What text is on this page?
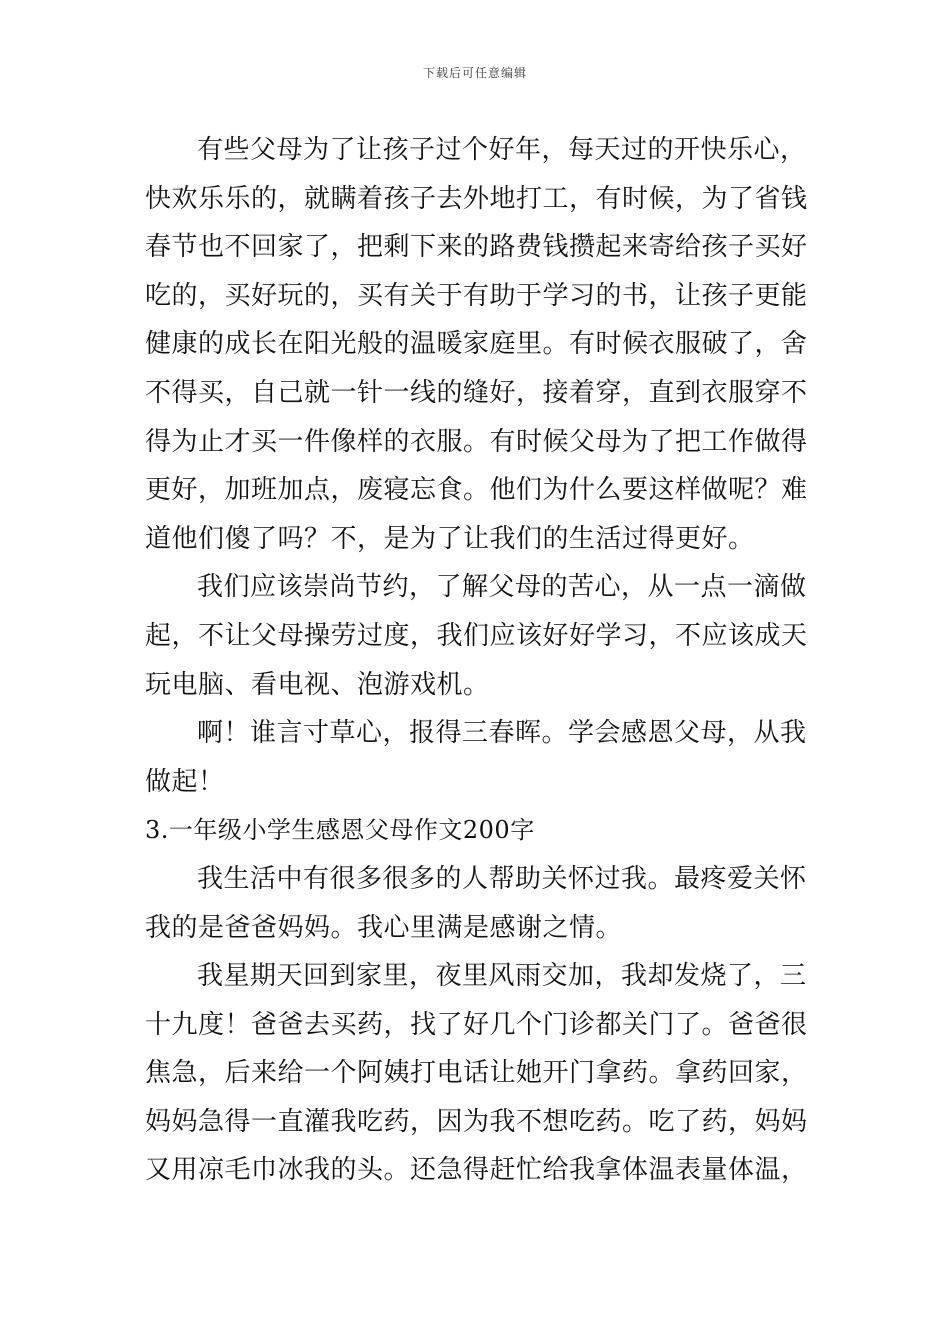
下载后可任意编辑
有些父母为了让孩子过个好年，每天过的开快乐心，
快欢乐乐的，就瞒着孩子去外地打工，有时候，为了省钱
春节也不回家了，把剩下来的路费钱攒起来寄给孩子买好
吃的，买好玩的，买有关于有助于学习的书，让孩子更能
健康的成长在阳光般的温暖家庭里。有时候衣服破了，舍
不得买，自己就一针一线的缝好，接着穿，直到衣服穿不
得为止才买一件像样的衣服。有时候父母为了把工作做得
更好，加班加点，废寝忘食。他们为什么要这样做呢？难
道他们傻了吗？不，是为了让我们的生活过得更好。
我们应该崇尚节约，了解父母的苦心，从一点一滴做
起，不让父母操劳过度，我们应该好好学习，不应该成天
玩电脑、看电视、泡游戏机。
啊！谁言寸草心，报得三春晖。学会感恩父母，从我
做起！
3.一年级小学生感恩父母作文200字
我生活中有很多很多的人帮助关怀过我。最疼爱关怀
我的是爸爸妈妈。我心里满是感谢之情。
我星期天回到家里，夜里风雨交加，我却发烧了，三
十九度！爸爸去买药，找了好几个门诊都关门了。爸爸很
焦急，后来给一个阿姨打电话让她开门拿药。拿药回家，
妈妈急得一直灌我吃药，因为我不想吃药。吃了药，妈妈
又用凉毛巾冰我的头。还急得赶忙给我拿体温表量体温，
